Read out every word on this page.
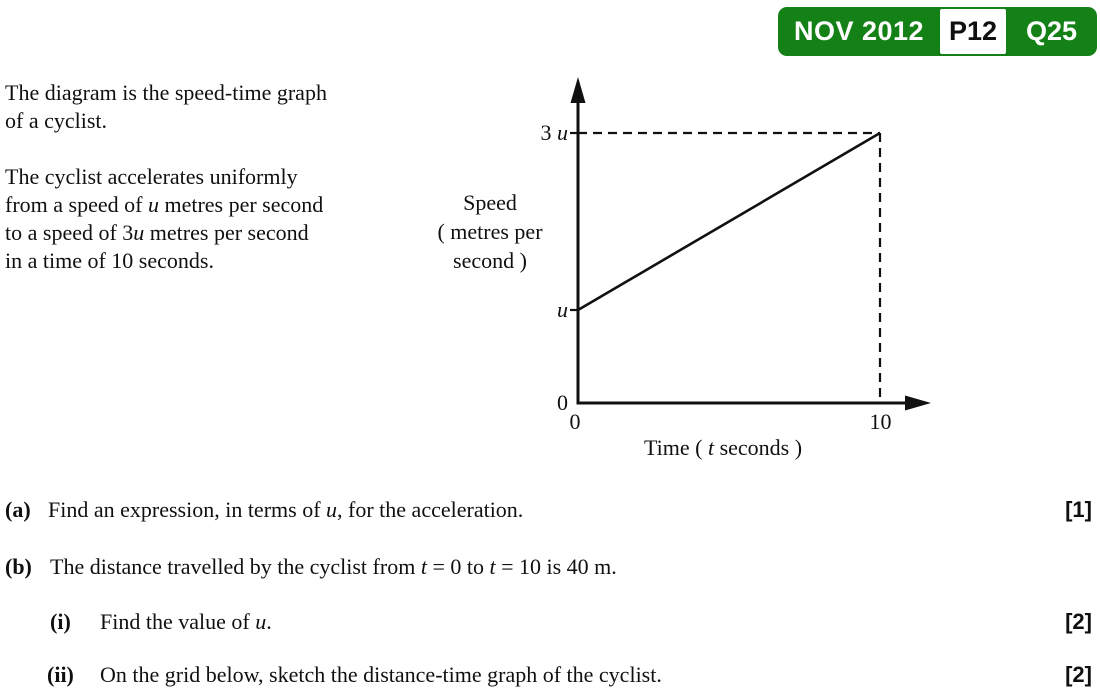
NOV 2012 P12	Q25
The diagram is the speed-time graph
of a cyclist.
The cyclist accelerates uniformly
from a speed of u metres per second
to a speed of 3u metres per second
in a time of 10 seconds.
Speed
( metres per
second )
3 u
u
0
0	10
Time ( t seconds )
(a) Find an expression, in terms of u, for the acceleration.	[1]
(b) The distance travelled by the cyclist from t = 0 to t = 10 is 40 m.
(i)	Find the value of u.	[2]
(ii)	On the grid below, sketch the distance-time graph of the cyclist.	[2]
